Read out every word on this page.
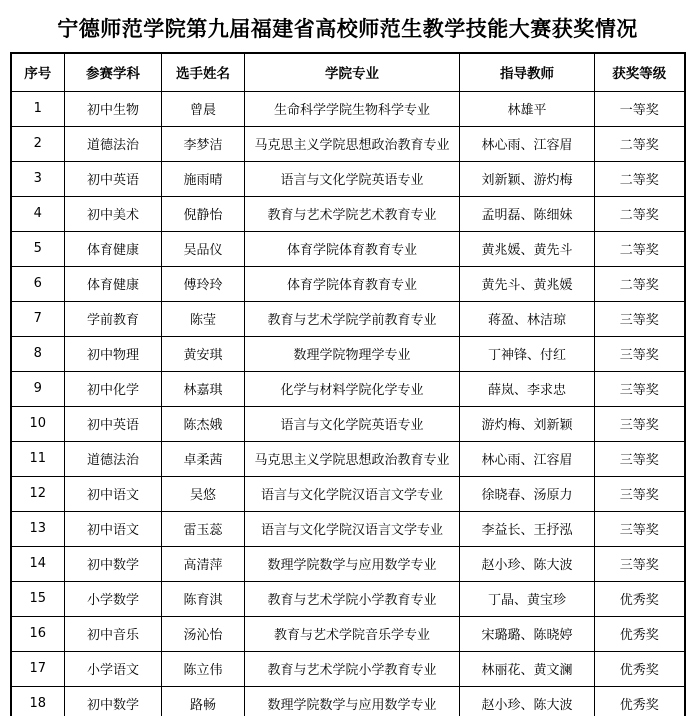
宁德师范学院第九届福建省高校师范生教学技能大赛获奖情况
序号	参赛学科	选手姓名	学院专业	指导教师	获奖等级
1	初中生物	曾晨	生命科学学院生物科学专业	林雄平	一等奖
2	道德法治	李梦洁	马克思主义学院思想政治教育专业	林心雨、江容眉	二等奖
3	初中英语	施雨晴	语言与文化学院英语专业	刘新颖、游灼梅	二等奖
4	初中美术	倪静怡	教育与艺术学院艺术教育专业	孟明磊、陈细妹	二等奖
5	体育健康	吴品仪	体育学院体育教育专业	黄兆媛、黄先斗	二等奖
6	体育健康	傅玲玲	体育学院体育教育专业	黄先斗、黄兆媛	二等奖
7	学前教育	陈莹	教育与艺术学院学前教育专业	蒋盈、林洁琼	三等奖
8	初中物理	黄安琪	数理学院物理学专业	丁神锋、付红	三等奖
9	初中化学	林嘉琪	化学与材料学院化学专业	薛岚、李求忠	三等奖
10	初中英语	陈杰娥	语言与文化学院英语专业	游灼梅、刘新颖	三等奖
11	道德法治	卓柔茜	马克思主义学院思想政治教育专业	林心雨、江容眉	三等奖
12	初中语文	吴悠	语言与文化学院汉语言文学专业	徐晓春、汤原力	三等奖
13	初中语文	雷玉蕊	语言与文化学院汉语言文学专业	李益长、王抒泓	三等奖
14	初中数学	高清萍	数理学院数学与应用数学专业	赵小珍、陈大波	三等奖
15	小学数学	陈育淇	教育与艺术学院小学教育专业	丁晶、黄宝珍	优秀奖
16	初中音乐	汤沁怡	教育与艺术学院音乐学专业	宋璐璐、陈晓婷	优秀奖
17	小学语文	陈立伟	教育与艺术学院小学教育专业	林丽花、黄文澜	优秀奖
18	初中数学	路畅	数理学院数学与应用数学专业	赵小珍、陈大波	优秀奖
